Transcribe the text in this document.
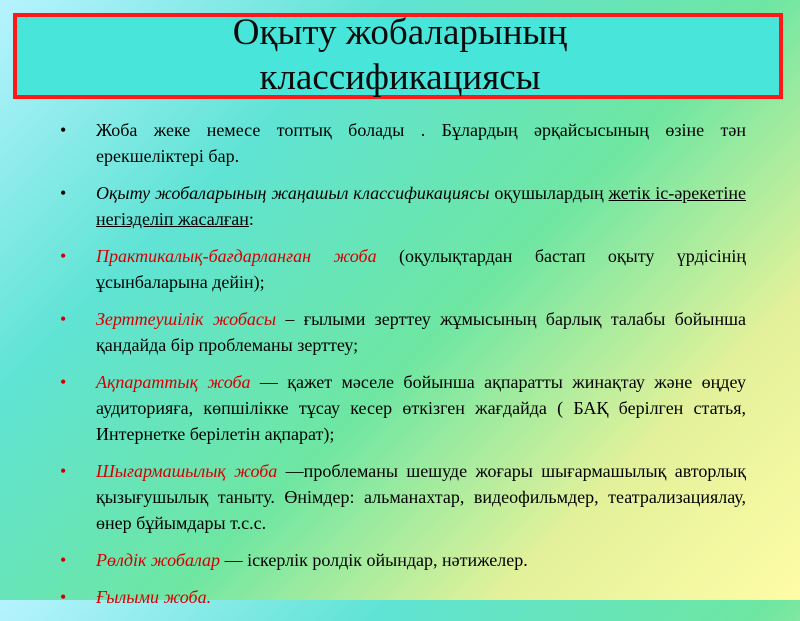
Оқыту жобаларының
классификациясы
• Жоба жеке немесе топтық болады . Бұлардың әрқайсысының өзіне тән ерекшеліктері бар.
• Оқыту жобаларының жаңашыл классификациясы оқушылардың жетік іс-әрекетіне негізделіп жасалған:
• Практикалық-бағдарланған жоба (оқулықтардан бастап оқыту үрдісінің ұсынбаларына дейін);
• Зерттеушілік жобасы – ғылыми зерттеу жұмысының барлық талабы бойынша қандайда бір проблеманы зерттеу;
• Ақпараттық жоба — қажет мәселе бойынша ақпаратты жинақтау және өңдеу аудиторияға, көпшілікке тұсау кесер өткізген жағдайда ( БАҚ берілген статья, Интернетке берілетін ақпарат);
• Шығармашылық жоба —проблеманы шешуде жоғары шығармашылық авторлық қызығушылық таныту. Өнімдер: альманахтар, видеофильмдер, театрализациялау, өнер бұйымдары т.с.с.
• Рөлдік жобалар — іскерлік ролдік ойындар, нәтижелер.
• Ғылыми жоба.
